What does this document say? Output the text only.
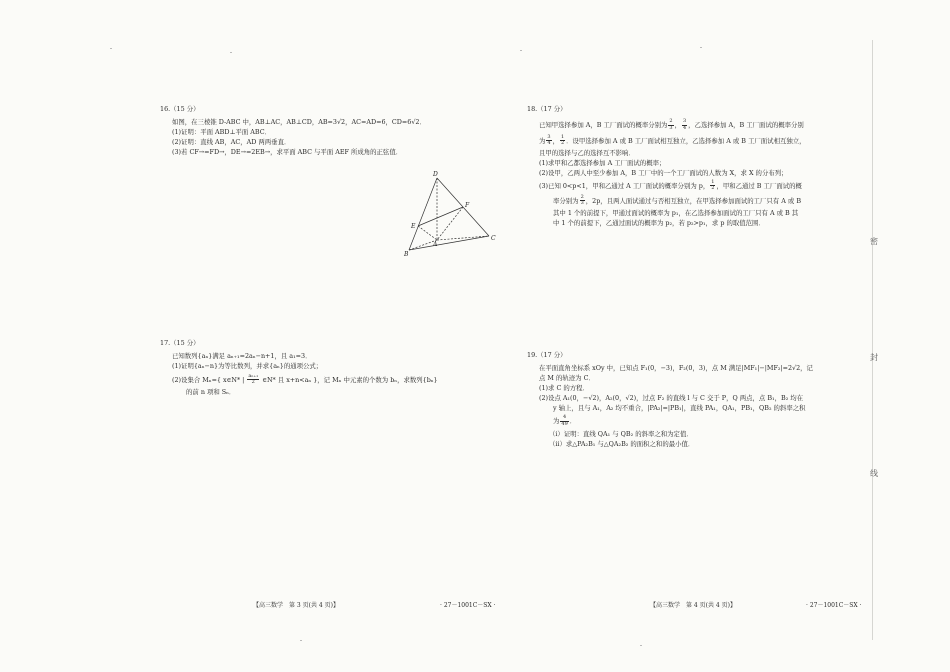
密
封
线
16.（15 分）
如图，在三棱锥 D-ABC 中，AB⊥AC，AB⊥CD，AB=3√2，AC=AD=6，CD=6√2．
(1)证明：平面 ABD⊥平面 ABC．
(2)证明：直线 AB，AC，AD 两两垂直．
(3)若 CF→=FD→，DE→=2EB→，求平面 ABC 与平面 AEF 所成角的正弦值．
D
E
F
A
B
C
17.（15 分）
已知数列{aₙ}满足 aₙ₊₁=2aₙ−n+1，且 a₁=3．
(1)证明{aₙ−n}为等比数列，并求{aₙ}的通项公式；
(2)设集合 Mₙ={ x∈N* | $\frac{\text{aₙ₊₁}}{2}$ ∈N* 且 x+n<aₙ }，记 Mₙ 中元素的个数为 bₙ，求数列{bₙ}
的前 n 项和 Sₙ．
18.（17 分）
已知甲选择参加 A，B 工厂面试的概率分别为 $\frac{2}{3}$ ， $\frac{3}{4}$ ，乙选择参加 A，B 工厂面试的概率分别
为 $\frac{3}{4}$ ， $\frac{1}{2}$ ．设甲选择参加 A 或 B 工厂面试相互独立，乙选择参加 A 或 B 工厂面试相互独立，
且甲的选择与乙的选择互不影响．
(1)求甲和乙都选择参加 A 工厂面试的概率；
(2)设甲，乙两人中至少参加 A，B 工厂中的一个工厂面试的人数为 X，求 X 的分布列；
(3)已知 0<p<1，甲和乙通过 A 工厂面试的概率分别为 p， $\frac{1}{2}$ ，甲和乙通过 B 工厂面试的概
率分别为 $\frac{2}{3}$ ，2p，且两人面试通过与否相互独立，在甲选择参加面试的工厂只有 A 或 B
其中 1 个的前提下，甲通过面试的概率为 p₁，在乙选择参加面试的工厂只有 A 或 B 其
中 1 个的前提下，乙通过面试的概率为 p₂，若 p₂>p₁，求 p 的取值范围．
19.（17 分）
在平面直角坐标系 xOy 中，已知点 F₁(0，−3)，F₂(0，3)，点 M 满足|MF₁|−|MF₂|=2√2，记
点 M 的轨迹为 C．
(1)求 C 的方程．
(2)设点 A₁(0，−√2)，A₂(0，√2)，过点 F₂ 的直线 l 与 C 交于 P，Q 两点，点 B₁，B₂ 均在
y 轴上，且与 A₁，A₂ 均不重合，|PA₂|=|PB₁|，直线 PA₁，QA₁，PB₁，QB₂ 的斜率之积
为 $\frac{4}{49}$ ．
（ⅰ）证明：直线 QA₁ 与 QB₂ 的斜率之和为定值．
（ⅱ）求△PA₂B₁ 与△QA₂B₂ 的面积之和的最小值．
【高三数学　第 3 页(共 4 页)】	· 27－1001C－SX ·	【高三数学　第 4 页(共 4 页)】	· 27－1001C－SX ·
